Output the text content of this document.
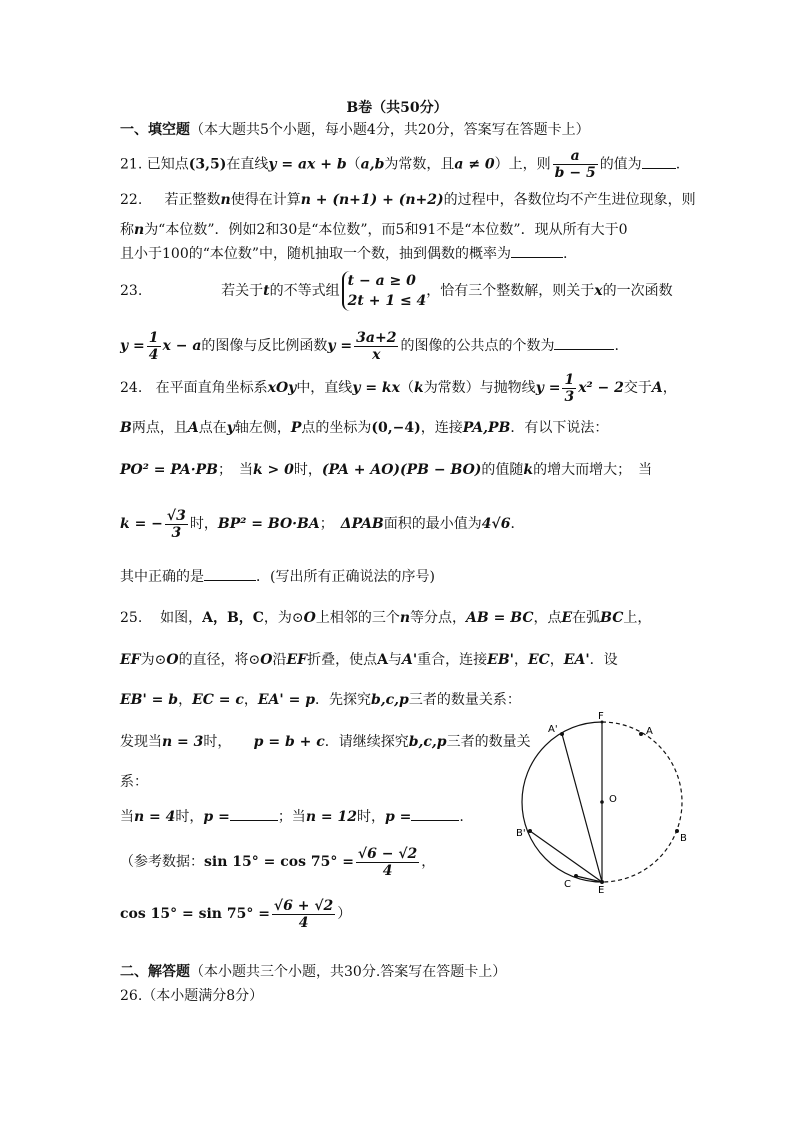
B卷（共50分）
一、填空题（本大题共5个小题，每小题4分，共20分，答案写在答题卡上）
21. 已知点(3,5)在直线y = ax + b（a,b为常数，且a ≠ 0）上，则 $\frac{a}{b - 5}$ 的值为 .
22. 若正整数n使得在计算n + (n+1) + (n+2)的过程中，各数位均不产生进位现象，则
称n为“本位数”．例如2和30是“本位数”，而5和91不是“本位数”．现从所有大于0
且小于100的“本位数”中，随机抽取一个数，抽到偶数的概率为	.
23.	若关于t的不等式组
t − a ≥ 0
2t + 1 ≤ 4
，恰有三个整数解，则关于x的一次函数
$y = \frac{1}{4}$ x − a的图像与反比例函数$y = \frac{3a+2}{x}$ 的图像的公共点的个数为	.
24. 在平面直角坐标系xOy中，直线y = kx（k为常数）与抛物线$y = \frac{1}{3} x^2 - 2$交于A，
B两点，且A点在y轴左侧，P点的坐标为(0,−4)，连接PA,PB．有以下说法：
PO² = PA·PB；　当k > 0时，(PA + AO)(PB − BO)的值随k的增大而增大；　当
k = − $\frac{√3}{3}$ 时，BP² = BO·BA；　ΔPAB面积的最小值为4√6．
其中正确的是	．(写出所有正确说法的序号)
25. 如图，A，B，C，为⊙O上相邻的三个n等分点，AB = BC，点E在弧BC上，
EF为⊙O的直径，将⊙O沿EF折叠，使点A与A'重合，连接EB'，EC，EA'．设
EB' = b，EC = c，EA' = p．先探究b,c,p三者的数量关系：
发现当n = 3时， p = b + c．请继续探究b,c,p三者的数量关
系：
当n = 4时，p =	；当n = 12时，p =	.
（参考数据：$\sin 15^\circ = \cos 75^\circ = \frac{√6 - √2}{4}$ ，
$\cos 15^\circ = \sin 75^\circ = \frac{√6 + √2}{4}$ ）
F
A'	A
O
B'	B
C
E
二、解答题（本小题共三个小题，共30分.答案写在答题卡上）
26.（本小题满分8分）
